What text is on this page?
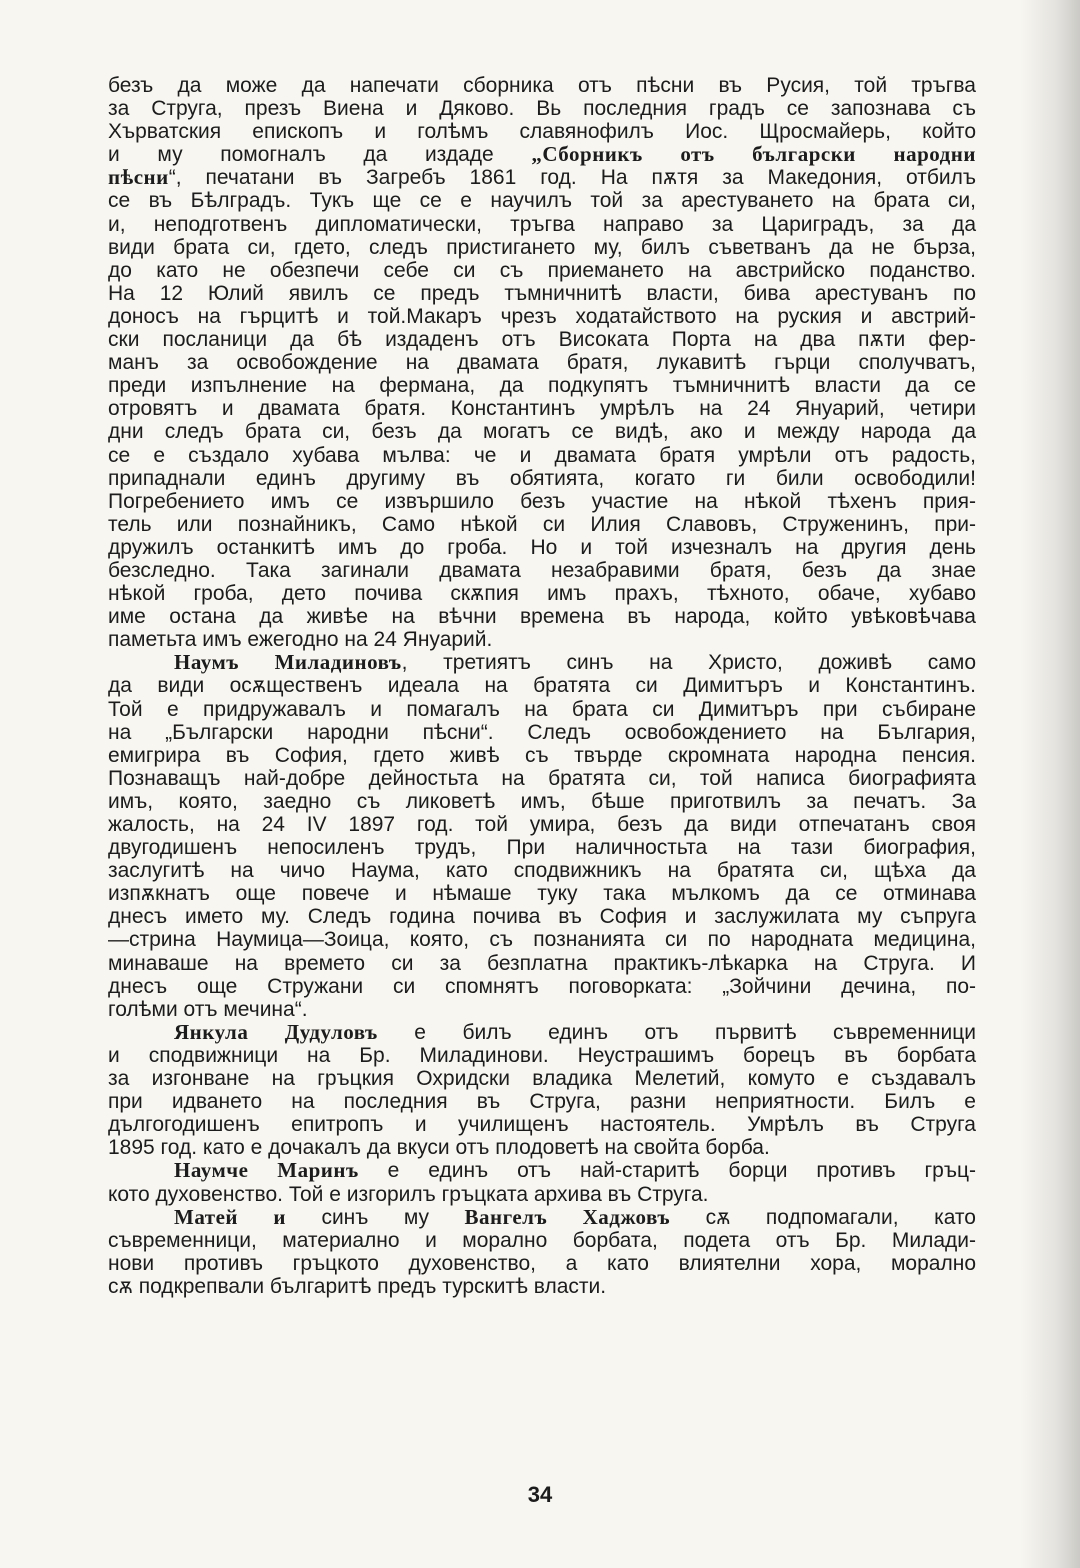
безъ да може да напечати сборника отъ пѣсни въ Русия, той тръгва
за Струга, презъ Виена и Дяково. Вь последния градъ се запознава съ
Хърватския епископъ и голѣмъ славянофилъ Иос. Щросмайерь, който
и му помогналъ да издаде „Сборникъ отъ български народни
пѣсни“, печатани въ Загребъ 1861 год. На пѫтя за Македония, отбилъ
се въ Бѣлградъ. Тукъ ще се е научилъ той за арестуването на брата си,
и, неподготвенъ дипломатически, тръгва направо за Цариградъ, за да
види брата си, гдето, следъ пристигането му, билъ съветванъ да не бърза,
до като не обезпечи себе си съ приемането на австрийско поданство.
На 12 Юлий явилъ се предъ тъмничнитѣ власти, бива арестуванъ по
доносъ на гърцитѣ и той.Макаръ чрезъ ходатайството на руския и австрий-
ски посланици да бѣ издаденъ отъ Високата Порта на два пѫти фер-
манъ за освобождение на двамата братя, лукавитѣ гърци сполучватъ,
преди изпълнение на фермана, да подкупятъ тъмничнитѣ власти да се
отровятъ и двамата братя. Константинъ умрѣлъ на 24 Януарий, четири
дни следъ брата си, безъ да могатъ се видѣ, ако и между народа да
се е създало хубава мълва: че и двамата братя умрѣли отъ радость,
припаднали единъ другиму въ обятията, когато ги били освободили!
Погребението имъ се извършило безъ участие на нѣкой тѣхенъ прия-
тель или познайникъ, Само нѣкой си Илия Славовъ, Струженинъ, при-
дружилъ останкитѣ имъ до гроба. Но и той изчезналъ на другия день
безследно. Така загинали двамата незабравими братя, безъ да знае
нѣкой гроба, дето почива скѫпия имъ прахъ, тѣхното, обаче, хубаво
име остана да живѣе на вѣчни времена въ народа, който увѣковѣчава
паметьта имъ ежегодно на 24 Януарий.
Наумъ Миладиновъ, третиятъ синъ на Христо, доживѣ само
да види осѫщественъ идеала на братята си Димитъръ и Константинъ.
Той е придружавалъ и помагалъ на брата си Димитъръ при събиране
на „Български народни пѣсни“. Следъ освобождението на България,
емигрира въ София, гдето живѣ съ твърде скромната народна пенсия.
Познаващъ най-добре дейностьта на братята си, той написа биографията
имъ, която, заедно съ ликоветѣ имъ, бѣше приготвилъ за печатъ. За
жалость, на 24 IV 1897 год. той умира, безъ да види отпечатанъ своя
двугодишенъ непосиленъ трудъ, При наличностьта на тази биография,
заслугитѣ на чичо Наума, като сподвижникъ на братята си, щѣха да
изпѫкнатъ още повече и нѣмаше туку така мълкомъ да се отминава
днесъ името му. Следъ година почива въ София и заслужилата му съпруга
—стрина Наумица—Зоица, която, съ познанията си по народната медицина,
минаваше на времето си за безплатна практикъ-лѣкарка на Струга. И
днесъ още Стружани си спомнятъ поговорката: „Зойчини дечина, по-
голѣми отъ мечина“.
Янкула Дудуловъ е билъ единъ отъ първитѣ съвременници
и сподвижници на Бр. Миладинови. Неустрашимъ борецъ въ борбата
за изгонване на гръцкия Охридски владика Мелетий, комуто е създавалъ
при идването на последния въ Струга, разни неприятности. Билъ е
дългогодишенъ епитропъ и училищенъ настоятель. Умрѣлъ въ Струга
1895 год. като е дочакалъ да вкуси отъ плодоветѣ на свойта борба.
Наумче Маринъ е единъ отъ най-старитѣ борци противъ гръц-
кото духовенство. Той е изгорилъ гръцката архива въ Струга.
Матей и синъ му Вангелъ Хаджовъ сѫ подпомагали, като
съвременници, материално и морално борбата, подета отъ Бр. Милади-
нови противъ гръцкото духовенство, а като влиятелни хора, морално
сѫ подкрепвали българитѣ предъ турскитѣ власти.
34
